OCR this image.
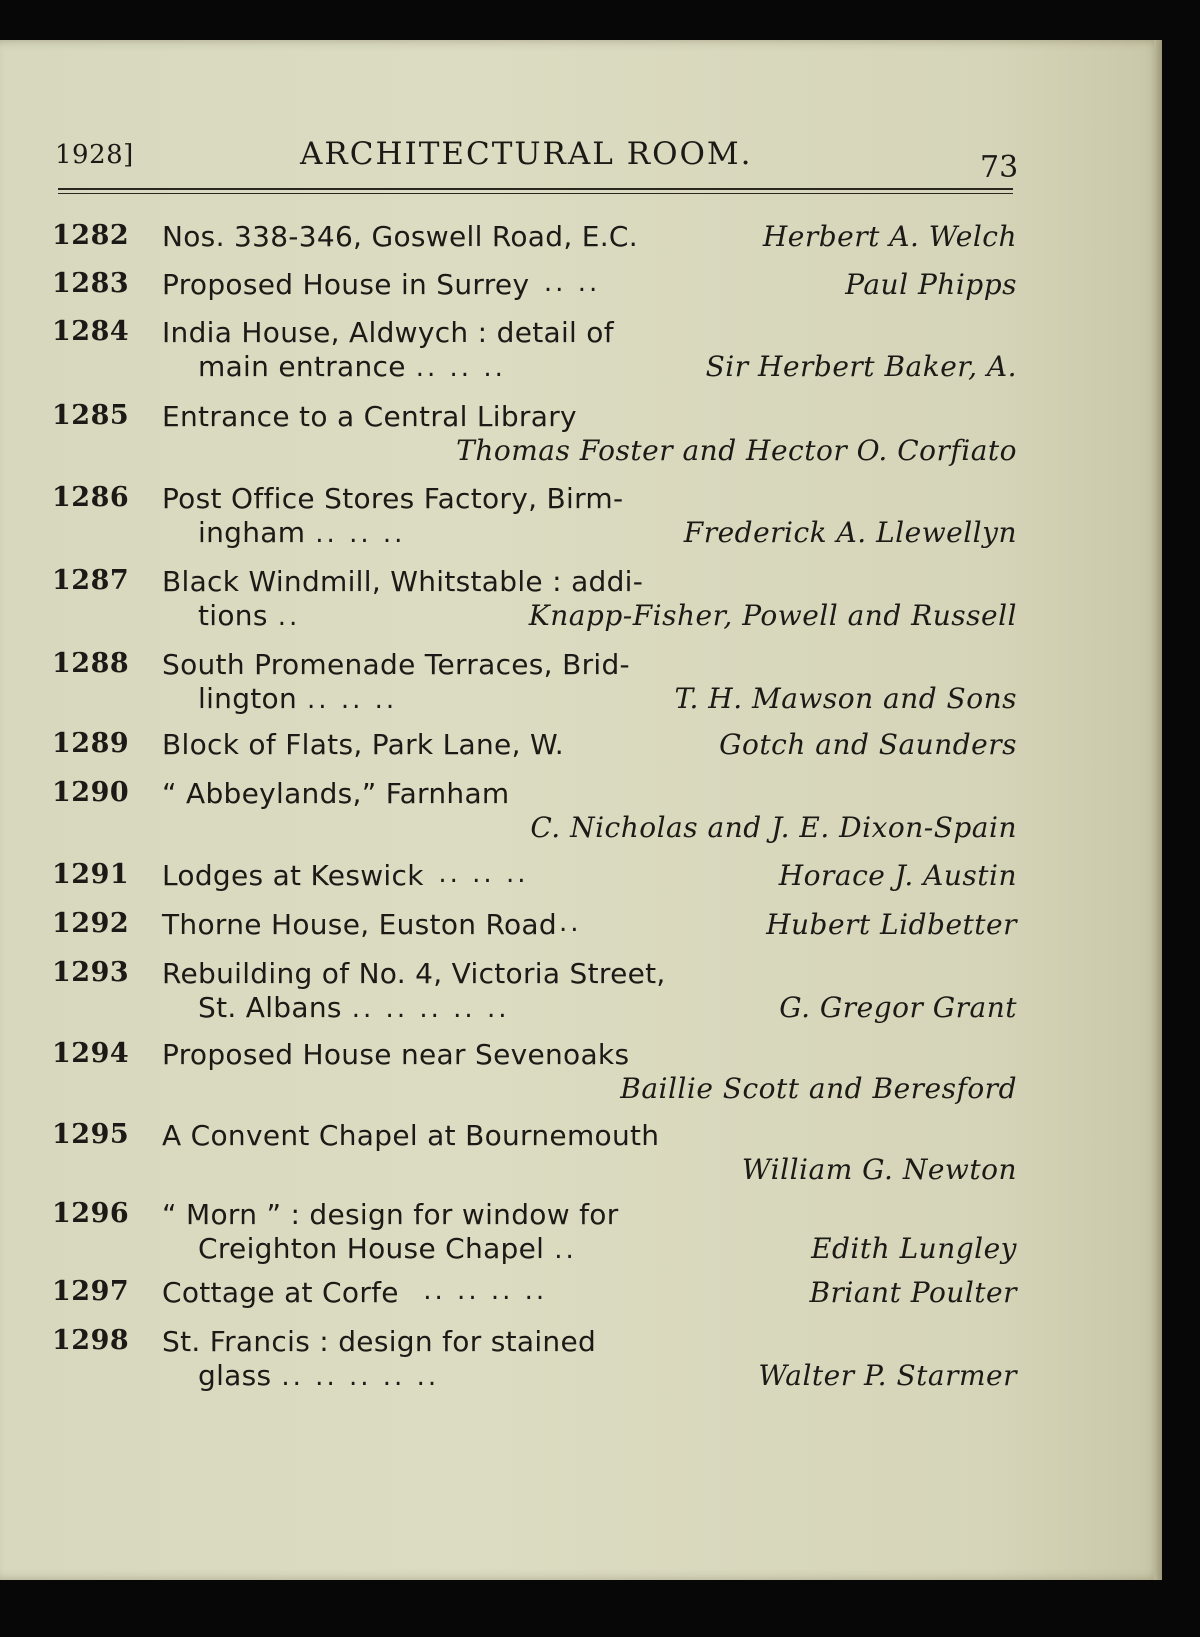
1928]	ARCHITECTURAL ROOM.	73
1282 Nos. 338-346, Goswell Road, E.C.	Herbert A. Welch
1283 Proposed House in Surrey .. ..	Paul Phipps
1284 India House, Aldwych : detail of
main entrance .. .. ..	Sir Herbert Baker, A.
1285 Entrance to a Central Library
Thomas Foster and Hector O. Corfiato
1286 Post Office Stores Factory, Birm-
ingham .. .. ..	Frederick A. Llewellyn
1287 Black Windmill, Whitstable : addi-
tions ..	Knapp-Fisher, Powell and Russell
1288 South Promenade Terraces, Brid-
lington .. .. ..	T. H. Mawson and Sons
1289 Block of Flats, Park Lane, W.	Gotch and Saunders
1290 “ Abbeylands,” Farnham
C. Nicholas and J. E. Dixon-Spain
1291 Lodges at Keswick .. .. ..	Horace J. Austin
1292 Thorne House, Euston Road ..	Hubert Lidbetter
1293 Rebuilding of No. 4, Victoria Street,
St. Albans .. .. .. .. ..	G. Gregor Grant
1294 Proposed House near Sevenoaks
Baillie Scott and Beresford
1295 A Convent Chapel at Bournemouth
William G. Newton
1296 “ Morn ” : design for window for
Creighton House Chapel ..	Edith Lungley
1297 Cottage at Corfe .. .. .. ..	Briant Poulter
1298 St. Francis : design for stained
glass .. .. .. .. ..	Walter P. Starmer
